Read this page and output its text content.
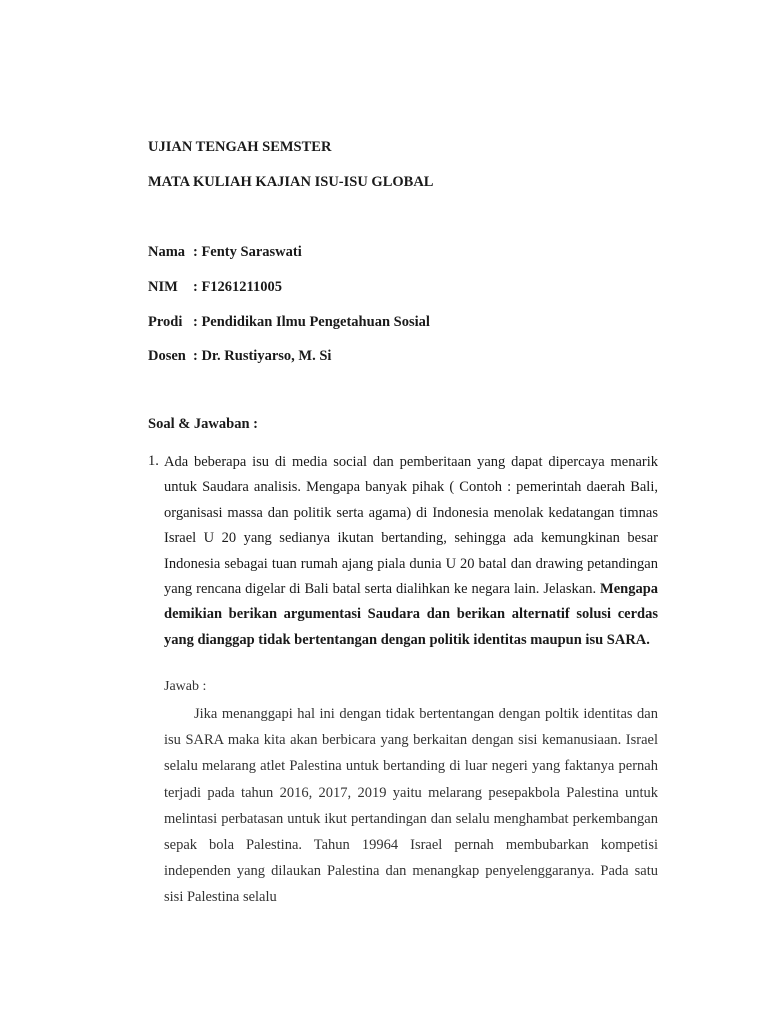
UJIAN TENGAH SEMSTER
MATA KULIAH KAJIAN ISU-ISU GLOBAL
Nama : Fenty Saraswati
NIM : F1261211005
Prodi : Pendidikan Ilmu Pengetahuan Sosial
Dosen : Dr. Rustiyarso, M. Si
Soal & Jawaban :
1. Ada beberapa isu di media social dan pemberitaan yang dapat dipercaya menarik untuk Saudara analisis. Mengapa banyak pihak ( Contoh : pemerintah daerah Bali, organisasi massa dan politik serta agama) di Indonesia menolak kedatangan timnas Israel U 20 yang sedianya ikutan bertanding, sehingga ada kemungkinan besar Indonesia sebagai tuan rumah ajang piala dunia U 20 batal dan drawing petandingan yang rencana digelar di Bali batal serta dialihkan ke negara lain. Jelaskan. Mengapa demikian berikan argumentasi Saudara dan berikan alternatif solusi cerdas yang dianggap tidak bertentangan dengan politik identitas maupun isu SARA.
Jawab :
Jika menanggapi hal ini dengan tidak bertentangan dengan poltik identitas dan isu SARA maka kita akan berbicara yang berkaitan dengan sisi kemanusiaan. Israel selalu melarang atlet Palestina untuk bertanding di luar negeri yang faktanya pernah terjadi pada tahun 2016, 2017, 2019 yaitu melarang pesepakbola Palestina untuk melintasi perbatasan untuk ikut pertandingan dan selalu menghambat perkembangan sepak bola Palestina. Tahun 19964 Israel pernah membubarkan kompetisi independen yang dilaukan Palestina dan menangkap penyelenggaranya. Pada satu sisi Palestina selalu
